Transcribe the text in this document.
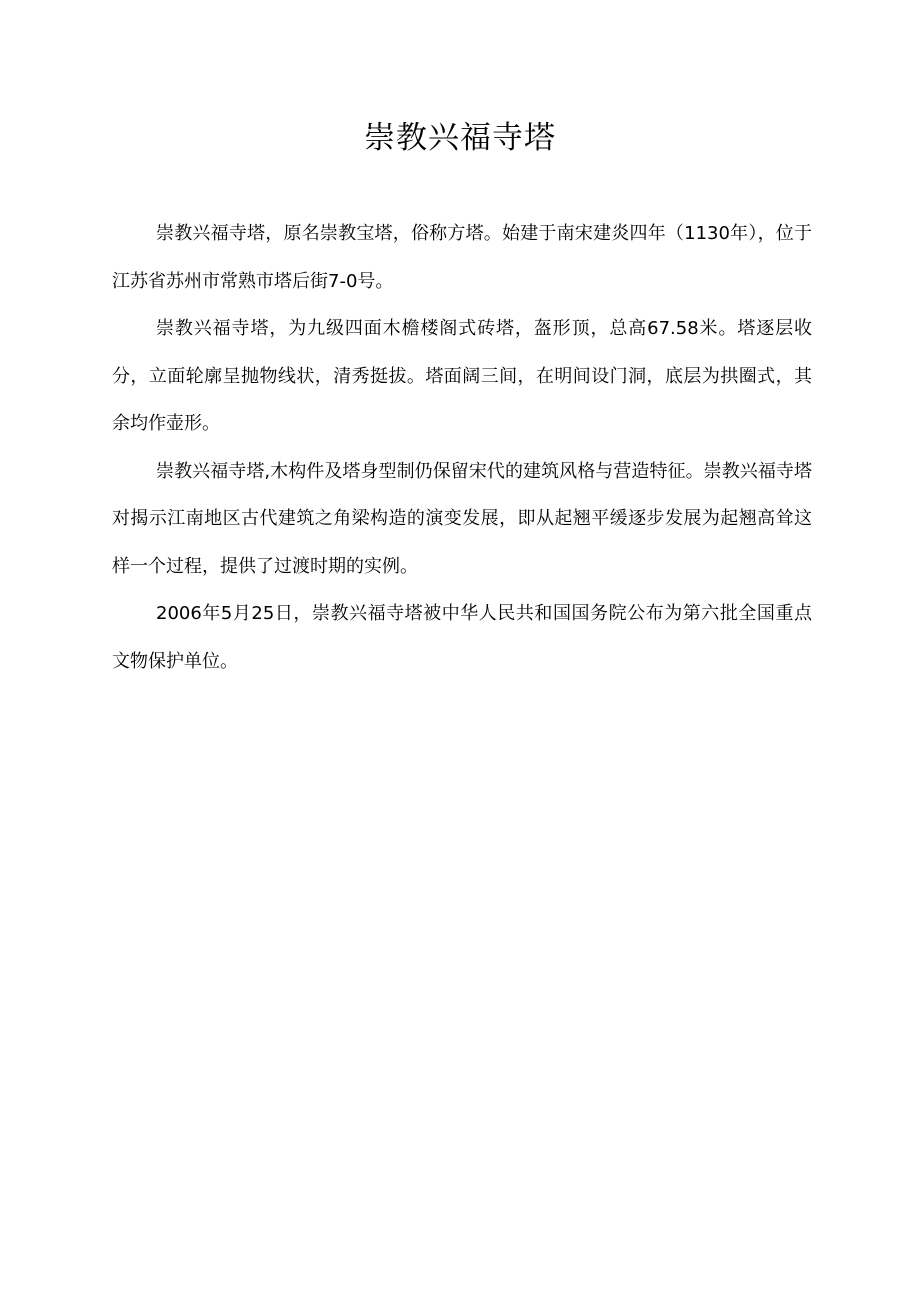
崇教兴福寺塔

崇教兴福寺塔，原名崇教宝塔，俗称方塔。始建于南宋建炎四年（1130年），位于江苏省苏州市常熟市塔后街7-0号。

崇教兴福寺塔，为九级四面木檐楼阁式砖塔，盔形顶，总高67.58米。塔逐层收分，立面轮廓呈抛物线状，清秀挺拔。塔面阔三间，在明间设门洞，底层为拱圈式，其余均作壶形。

崇教兴福寺塔,木构件及塔身型制仍保留宋代的建筑风格与营造特征。崇教兴福寺塔对揭示江南地区古代建筑之角梁构造的演变发展，即从起翘平缓逐步发展为起翘高耸这样一个过程，提供了过渡时期的实例。

2006年5月25日，崇教兴福寺塔被中华人民共和国国务院公布为第六批全国重点文物保护单位。
